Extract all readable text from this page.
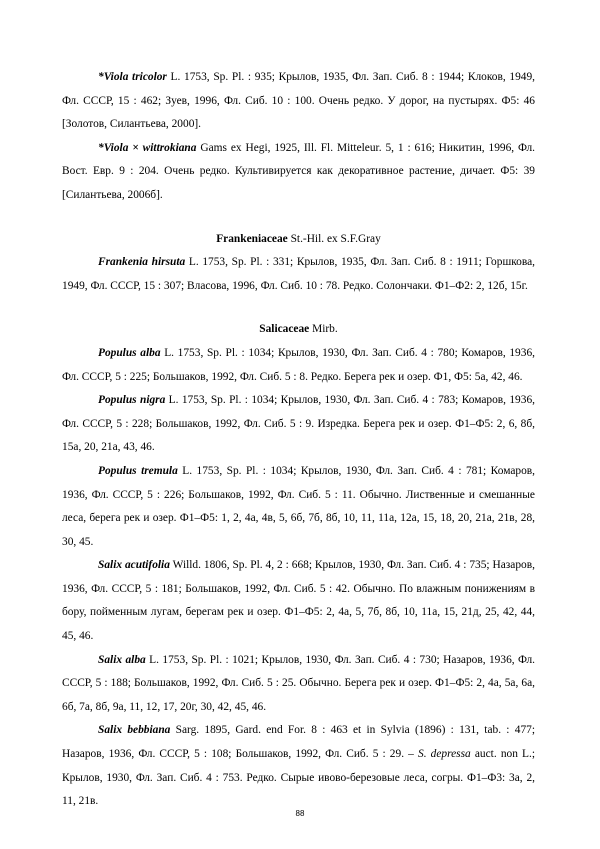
*Viola tricolor L. 1753, Sp. Pl. : 935; Крылов, 1935, Фл. Зап. Сиб. 8 : 1944; Клоков, 1949, Фл. СССР, 15 : 462; Зуев, 1996, Фл. Сиб. 10 : 100. Очень редко. У дорог, на пустырях. Ф5: 46 [Золотов, Силантьева, 2000].

*Viola × wittrokiana Gams ex Hegi, 1925, Ill. Fl. Mitteleur. 5, 1 : 616; Никитин, 1996, Фл. Вост. Евр. 9 : 204. Очень редко. Культивируется как декоративное растение, дичает. Ф5: 39 [Силантьева, 2006б].

Frankeniaceae St.-Hil. ex S.F.Gray

Frankenia hirsuta L. 1753, Sp. Pl. : 331; Крылов, 1935, Фл. Зап. Сиб. 8 : 1911; Горшкова, 1949, Фл. СССР, 15 : 307; Власова, 1996, Фл. Сиб. 10 : 78. Редко. Солончаки. Ф1–Ф2: 2, 12б, 15г.

Salicaceae Mirb.

Populus alba L. 1753, Sp. Pl. : 1034; Крылов, 1930, Фл. Зап. Сиб. 4 : 780; Комаров, 1936, Фл. СССР, 5 : 225; Большаков, 1992, Фл. Сиб. 5 : 8. Редко. Берега рек и озер. Ф1, Ф5: 5а, 42, 46.

Populus nigra L. 1753, Sp. Pl. : 1034; Крылов, 1930, Фл. Зап. Сиб. 4 : 783; Комаров, 1936, Фл. СССР, 5 : 228; Большаков, 1992, Фл. Сиб. 5 : 9. Изредка. Берега рек и озер. Ф1–Ф5: 2, 6, 8б, 15а, 20, 21а, 43, 46.

Populus tremula L. 1753, Sp. Pl. : 1034; Крылов, 1930, Фл. Зап. Сиб. 4 : 781; Комаров, 1936, Фл. СССР, 5 : 226; Большаков, 1992, Фл. Сиб. 5 : 11. Обычно. Лиственные и смешанные леса, берега рек и озер. Ф1–Ф5: 1, 2, 4а, 4в, 5, 6б, 7б, 8б, 10, 11, 11а, 12а, 15, 18, 20, 21а, 21в, 28, 30, 45.

Salix acutifolia Willd. 1806, Sp. Pl. 4, 2 : 668; Крылов, 1930, Фл. Зап. Сиб. 4 : 735; Назаров, 1936, Фл. СССР, 5 : 181; Большаков, 1992, Фл. Сиб. 5 : 42. Обычно. По влажным понижениям в бору, пойменным лугам, берегам рек и озер. Ф1–Ф5: 2, 4а, 5, 7б, 8б, 10, 11а, 15, 21д, 25, 42, 44, 45, 46.

Salix alba L. 1753, Sp. Pl. : 1021; Крылов, 1930, Фл. Зап. Сиб. 4 : 730; Назаров, 1936, Фл. СССР, 5 : 188; Большаков, 1992, Фл. Сиб. 5 : 25. Обычно. Берега рек и озер. Ф1–Ф5: 2, 4а, 5а, 6а, 6б, 7а, 8б, 9а, 11, 12, 17, 20г, 30, 42, 45, 46.

Salix bebbiana Sarg. 1895, Gard. end For. 8 : 463 et in Sylvia (1896) : 131, tab. : 477; Назаров, 1936, Фл. СССР, 5 : 108; Большаков, 1992, Фл. Сиб. 5 : 29. – S. depressa auct. non L.; Крылов, 1930, Фл. Зап. Сиб. 4 : 753. Редко. Сырые ивово-березовые леса, согры. Ф1–Ф3: 3а, 2, 11, 21в.

88
